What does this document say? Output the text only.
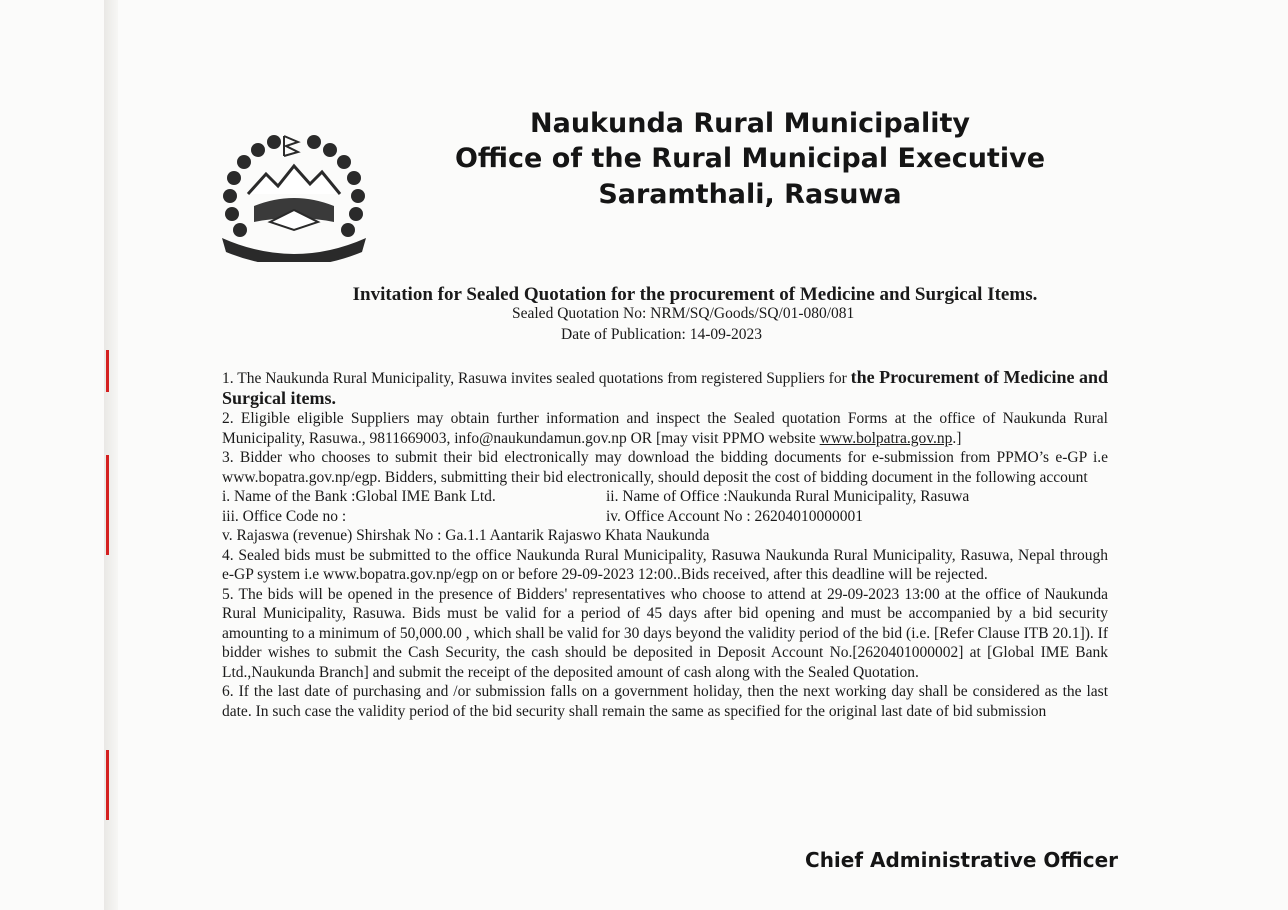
Naukunda Rural Municipality
Office of the Rural Municipal Executive
Saramthali, Rasuwa
Invitation for Sealed Quotation for the procurement of Medicine and Surgical Items.
Sealed Quotation No: NRM/SQ/Goods/SQ/01-080/081
Date of Publication: 14-09-2023

1. The Naukunda Rural Municipality, Rasuwa invites sealed quotations from registered Suppliers for the Procurement of Medicine and Surgical items.

2. Eligible eligible Suppliers may obtain further information and inspect the Sealed quotation Forms at the office of Naukunda Rural Municipality, Rasuwa., 9811669003, info@naukundamun.gov.np OR [may visit PPMO website www.bolpatra.gov.np.]

3. Bidder who chooses to submit their bid electronically may download the bidding documents for e-submission from PPMO’s e-GP i.e www.bopatra.gov.np/egp. Bidders, submitting their bid electronically, should deposit the cost of bidding document in the following account

i. Name of the Bank :Global IME Bank Ltd.	ii. Name of Office :Naukunda Rural Municipality, Rasuwa
iii. Office Code no :	iv. Office Account No : 26204010000001

v. Rajaswa (revenue) Shirshak No : Ga.1.1 Aantarik Rajaswo Khata Naukunda

4. Sealed bids must be submitted to the office Naukunda Rural Municipality, Rasuwa Naukunda Rural Municipality, Rasuwa, Nepal through e-GP system i.e www.bopatra.gov.np/egp on or before 29-09-2023 12:00..Bids received, after this deadline will be rejected.

5. The bids will be opened in the presence of Bidders' representatives who choose to attend at 29-09-2023 13:00 at the office of Naukunda Rural Municipality, Rasuwa. Bids must be valid for a period of 45 days after bid opening and must be accompanied by a bid security amounting to a minimum of 50,000.00 , which shall be valid for 30 days beyond the validity period of the bid (i.e. [Refer Clause ITB 20.1]). If bidder wishes to submit the Cash Security, the cash should be deposited in Deposit Account No.[2620401000002] at [Global IME Bank Ltd.,Naukunda Branch] and submit the receipt of the deposited amount of cash along with the Sealed Quotation.

6. If the last date of purchasing and /or submission falls on a government holiday, then the next working day shall be considered as the last date. In such case the validity period of the bid security shall remain the same as specified for the original last date of bid submission

Chief Administrative Officer
